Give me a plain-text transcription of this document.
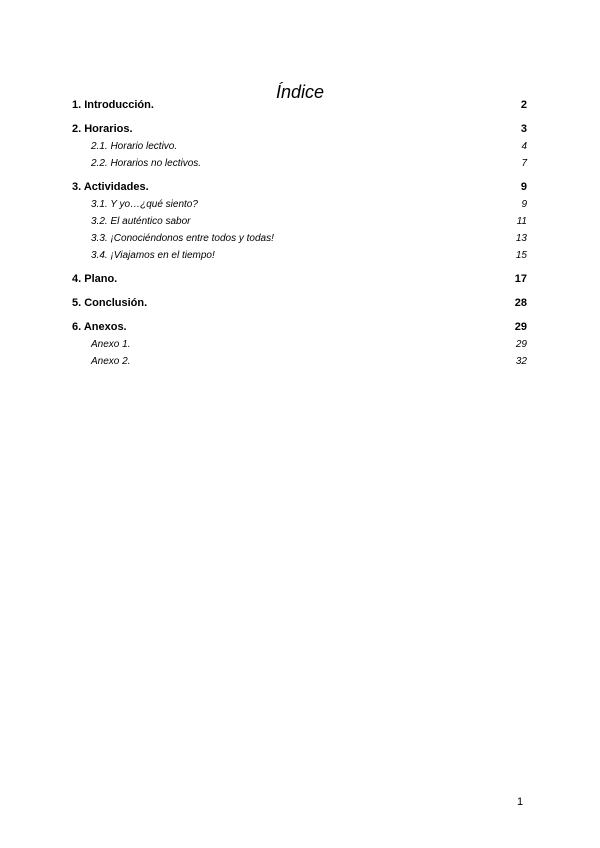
Índice
1. Introducción.	2
2. Horarios.	3
2.1. Horario lectivo.	4
2.2. Horarios no lectivos.	7
3. Actividades.	9
3.1. Y yo…¿qué siento?	9
3.2. El auténtico sabor	11
3.3. ¡Conociéndonos entre todos y todas!	13
3.4. ¡Viajamos en el tiempo!	15
4. Plano.	17
5. Conclusión.	28
6. Anexos.	29
Anexo 1.	29
Anexo 2.	32
1
